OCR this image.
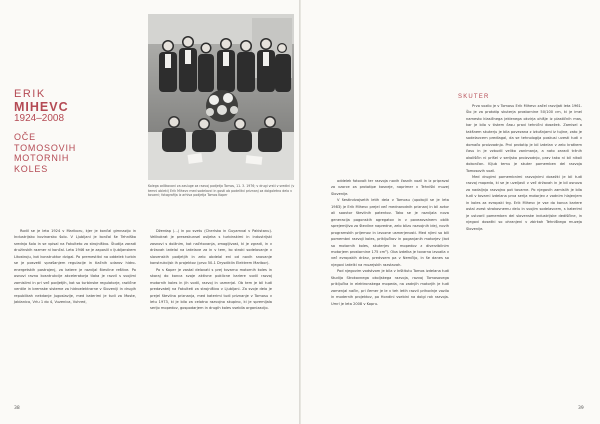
ERIK
MIHEVC
1924–2008
OČE
TOMOSOVIH
MOTORNIH
KOLES
Kolega odlikovani za zasluge za razvoj podjetja Tomos, 11. 3. 1976; v drugi vrsti v sredini (v temni obleki) Erik Mihevc med sodelavci in gosti ob podelitvi priznanj za dolgoletno delo v tovarni; fotografija iz arhiva podjetja Tomos Koper

Rodil se je leta 1924 v Mariboru, kjer je končal gimnazijo in Industrijsko kovinarsko šolo. V Ljubljani je končal še Tehniško srednjo šolo in se vpisal na Fakulteto za strojništvo. Študija zaradi družinskih razmer ni končal. Leta 1946 se je zaposlil v ljubljanskem Litostroju, kot konstruktor dvigal. Po premestitvi na oddelek turbin se je posvetil vprašanjem regulacije in tlačnih udarov hidro-energetskih postrojenj, za katere je razvijal številne rešitve. Po osnovi ravno kosntrukcije akceleratorja tlaka je razvil s svojimi zamislimi in pri več podjetjih, kot so turbinske regulatorje, različne ventile in bremske sisteme za hidroelektrarne v Sloveniji in drugih republikah nekdanje Jugoslavije, med katerimi je tudi za Moste, Jablanico, Vrlu 1 do 4, Vuzenica, Vuhred,

Džerdap (...) in po svetu (Cherlsko in Guyamval v Pakistanu). Velikokrat je preseskunsel osijeka s turbinskimi in industrijski zasnovi s dolžnim, kot načrtovanja, zmogljivost, ki je zgradi, in v državah izdelal na izdelave za in v tem, ko stroki sodelovanje v slovenskih podjetjih in zelo obdelal eni od novih snovanje konstrukcijsk ih projektov (prvo 50-1 Drysdiklin Elektrem Maribor).

Po s Koper je zastal delovati s prej tovarno motornih koles in skoraj do konca svoje aktivne poklicne kariere vodil razvoj motornih koles in jih vodil, razvoj in usmerjal. Ob tem je bil tudi predavatelj na Fakulteti za strojništvo v Ljubljani. Za svoje delo je prejel številna priznanja, med katerimi tudi priznanje v Tomosu v letu 1973, ki je bilo za celotno razvojno skupino, ki je spremljala serijo mopedov, gospodarjem in drugih koles vsebila organizacijo.

38

oddelek fotovolt ter razvoja novih časnih vozil in iz pripraval za vzorce za prototipe kasneje, naprimer v Tehniški muzej Slovenije.

V šestindvajsetih letih dela v Tomosu (upokojil se je leta 1983) je Erik Mihevc prejel več mednarodnih priznanj in bil avtor ali soavtor številnih patentov. Tako se je razvijala nova generacija pogonskih agregatov in v povezovalnem oblik sprejemljivo za številne napredne, zelo blizu razvojnih idej, novih programskih prijemov in izvozne usmerjenosti. Med njimi so bili pomembni razvoji koles, priključkov in poganjanih motorjev (kot so motornih koles, skuterjev in mopedov z diverzibilnim motorjem prostornine 175 cm³). Oba izdelka je tovarna izvozila v več evropskih držav, predvsem pa v Nemčijo, in še danes so njegovi izdelki na muzejskih razstavah.

Pod njegovim vodstvom je bila v Inštitutu Tomos izdelana tudi študija Strokovnega okoljskega razvoja, razvoj Tomosovega priključka in elektronskega mopeda, na zadnjih motorjih je tudi zamenjal način, pri čemer je le v teh letih razvil prihodnje vozilo in modernih projektov, po Hondini vsebini na dolgi rok razvoja. Umrl je leta 2008 v Kopru.

SKUTER

Prvo vozilo je v Tomosu Erik Mihevc začel razvijati leta 1961. Šlo je za prototip skuterja prostornine 50/100 cm, ki je imel namesto klasičnega jeklenega okvirja ohišje iz plastičnih mas, kar je bilo v tistem času pravi tehnični dosežek. Zamisel o takšnem skuterju je bila povezana z izkušnjami iz tujine, zato je sodelavcem predlagal, da se tehnologija poskusi uvesti tudi v domačo proizvodnjo. Prvi prototip je bil izdelan v zelo kratkem času in je vzbudil veliko zanimanja, a nato zaradi tržnih okoliščin ni prišel v serijsko proizvodnjo, prav tako ni bil nikoli dokončan. Kljub temu je skuter pomemben del razvoja Tomosovih vozil.

Med drugimi pomembnimi razvojnimi dosežki je bil tudi razvoj mopeda, ki se je uveljavil v več državah in je bil osnova za nadaljnjo razvojno pot tovarne. Po njegovih zamislih je bila tudi v tovarni izdelana prva serija motorjev z vodnim hlajenjem in koles za evropski trg. Erik Mihevc je vse do konca kariere ostal zvest strokovnemu delu in svojim sodelavcem, s katerimi je ustvaril pomemben del slovenske industrijske dediščine, in njegovi dosežki so ohranjeni v zbirkah Tehniškega muzeja Slovenije.

39
